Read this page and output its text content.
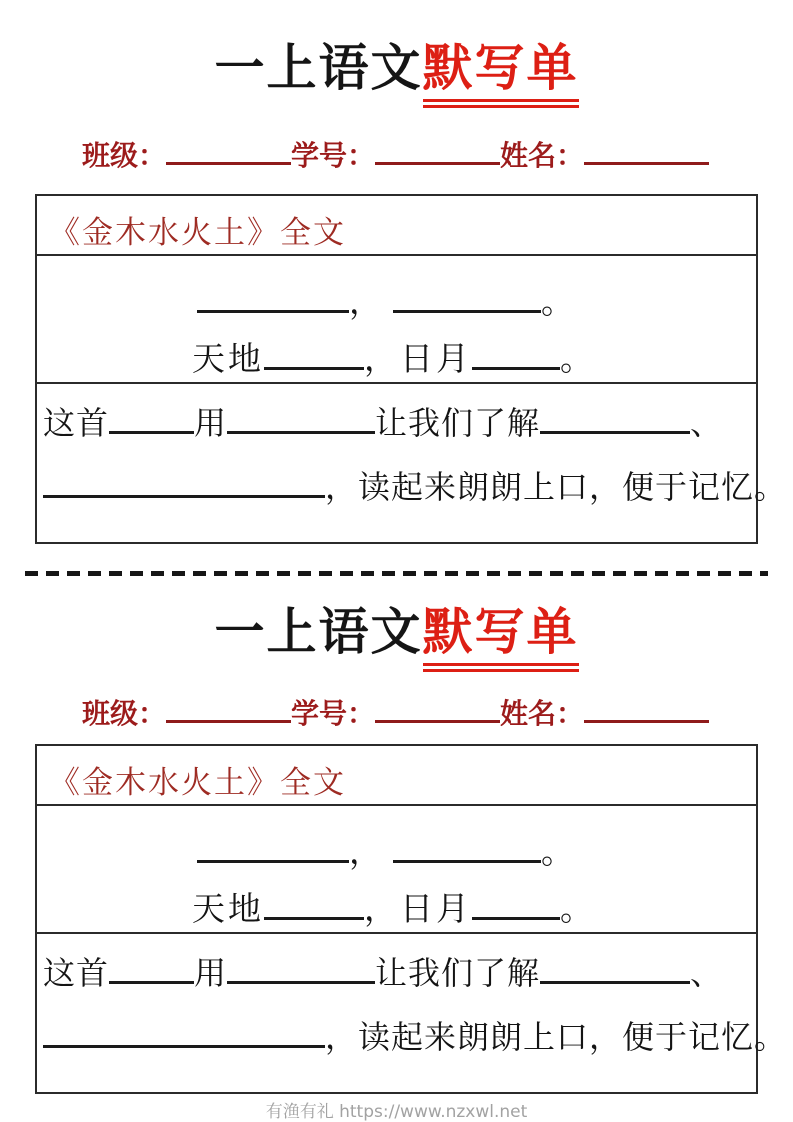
一上语文默写单
班级：	学号：	姓名：
《金木水火土》全文
，	。
天地	，日月	。
这首	用	让我们了解	、
，读起来朗朗上口，便于记忆。
一上语文默写单
班级：	学号：	姓名：
《金木水火土》全文
，	。
天地	，日月	。
这首	用	让我们了解	、
，读起来朗朗上口，便于记忆。
有渔有礼 https://www.nzxwl.net
